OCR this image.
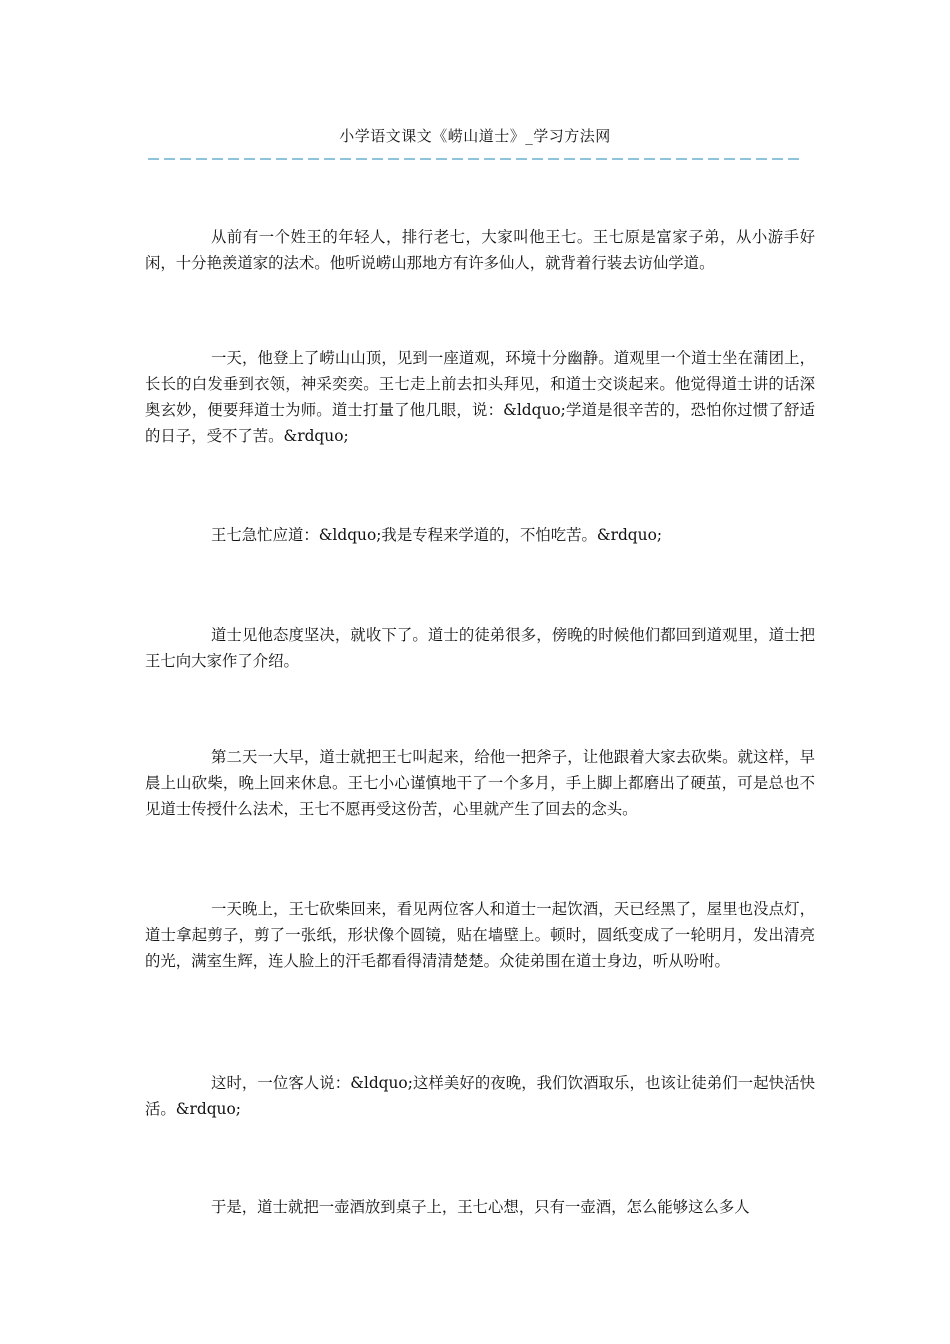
小学语文课文《崂山道士》_学习方法网

从前有一个姓王的年轻人，排行老七，大家叫他王七。王七原是富家子弟，从小游手好闲，十分艳羡道家的法术。他听说崂山那地方有许多仙人，就背着行装去访仙学道。

一天，他登上了崂山山顶，见到一座道观，环境十分幽静。道观里一个道士坐在蒲团上，长长的白发垂到衣领，神采奕奕。王七走上前去扣头拜见，和道士交谈起来。他觉得道士讲的话深奥玄妙，便要拜道士为师。道士打量了他几眼，说：&ldquo;学道是很辛苦的，恐怕你过惯了舒适的日子，受不了苦。&rdquo;

王七急忙应道：&ldquo;我是专程来学道的，不怕吃苦。&rdquo;

道士见他态度坚决，就收下了。道士的徒弟很多，傍晚的时候他们都回到道观里，道士把王七向大家作了介绍。

第二天一大早，道士就把王七叫起来，给他一把斧子，让他跟着大家去砍柴。就这样，早晨上山砍柴，晚上回来休息。王七小心谨慎地干了一个多月，手上脚上都磨出了硬茧，可是总也不见道士传授什么法术，王七不愿再受这份苦，心里就产生了回去的念头。

一天晚上，王七砍柴回来，看见两位客人和道士一起饮酒，天已经黑了，屋里也没点灯，道士拿起剪子，剪了一张纸，形状像个圆镜，贴在墙壁上。顿时，圆纸变成了一轮明月，发出清亮的光，满室生辉，连人脸上的汗毛都看得清清楚楚。众徒弟围在道士身边，听从吩咐。

这时，一位客人说：&ldquo;这样美好的夜晚，我们饮酒取乐，也该让徒弟们一起快活快活。&rdquo;

于是，道士就把一壶酒放到桌子上，王七心想，只有一壶酒，怎么能够这么多人
